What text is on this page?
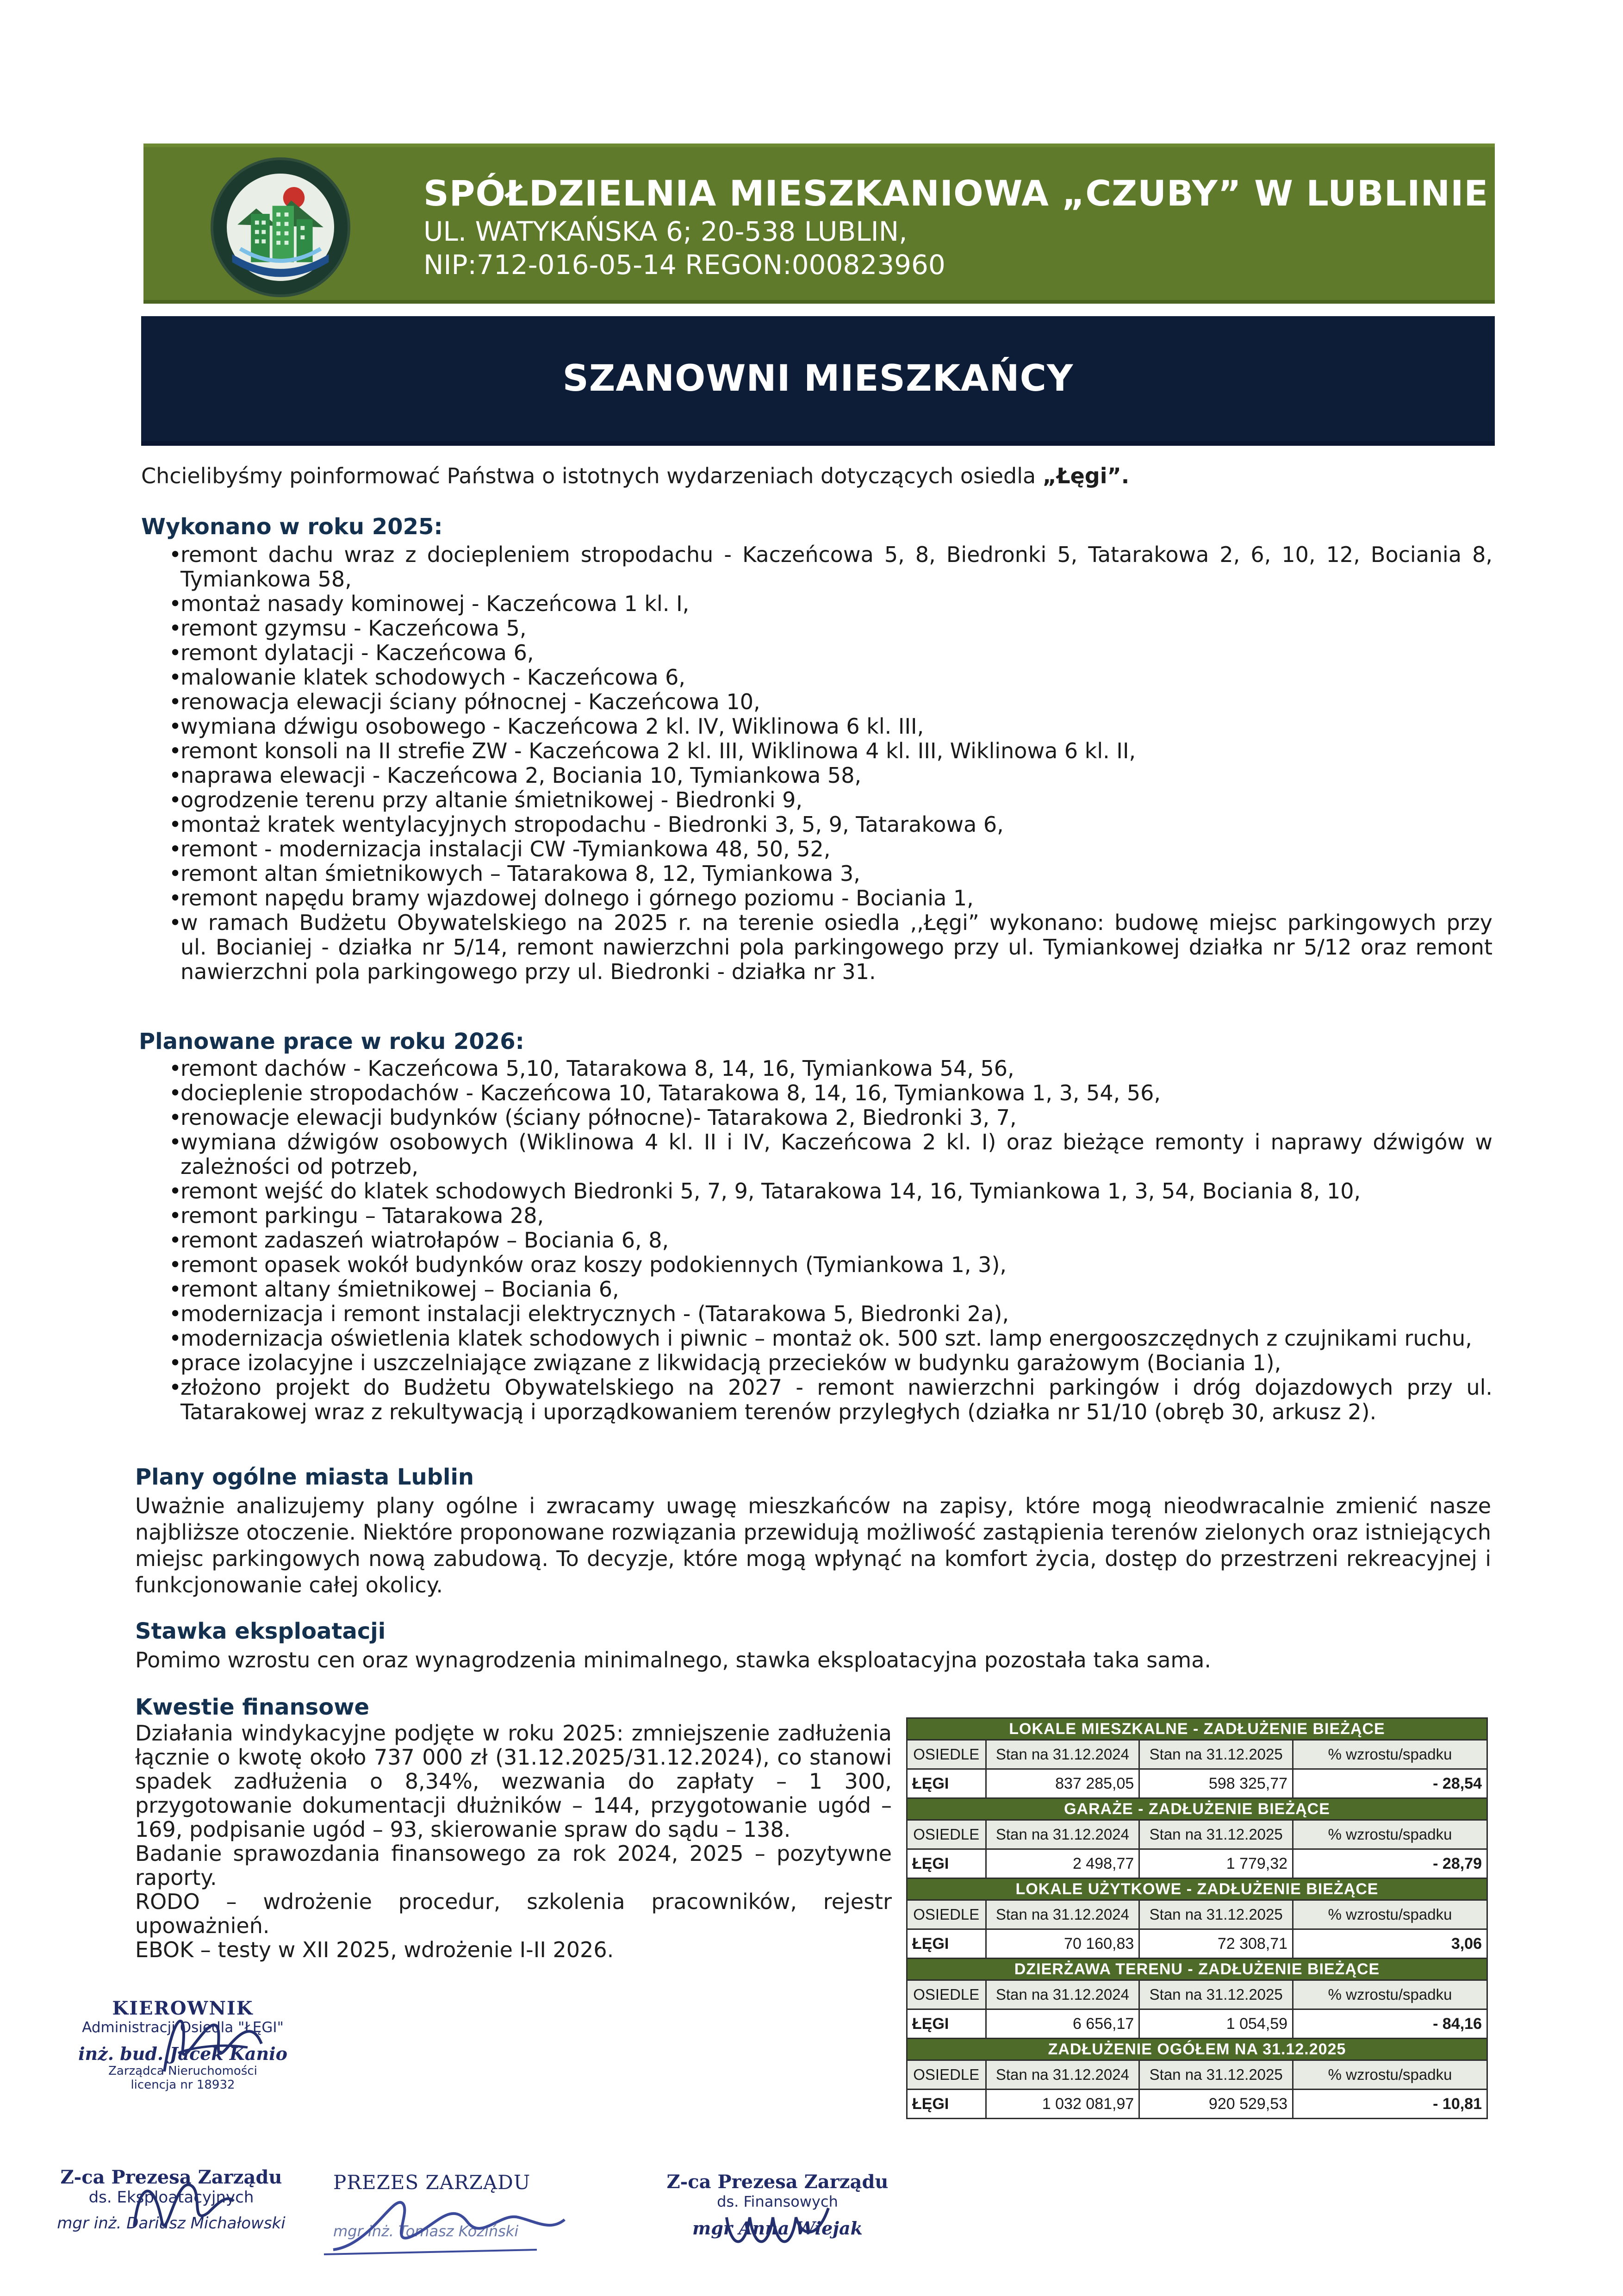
SPÓŁDZIELNIA MIESZKANIOWA „CZUBY” W LUBLINIE
UL. WATYKAŃSKA 6; 20-538 LUBLIN,
NIP:712-016-05-14 REGON:000823960
SZANOWNI MIESZKAŃCY
Chcielibyśmy poinformować Państwa o istotnych wydarzeniach dotyczących osiedla „Łęgi”.
Wykonano w roku 2025:
• remont dachu wraz z dociepleniem stropodachu - Kaczeńcowa 5, 8, Biedronki 5, Tatarakowa 2, 6, 10, 12, Bociania 8,
Tymiankowa 58,
• montaż nasady kominowej - Kaczeńcowa 1 kl. I,
• remont gzymsu - Kaczeńcowa 5,
• remont dylatacji - Kaczeńcowa 6,
• malowanie klatek schodowych - Kaczeńcowa 6,
• renowacja elewacji ściany północnej - Kaczeńcowa 10,
• wymiana dźwigu osobowego - Kaczeńcowa 2 kl. IV, Wiklinowa 6 kl. III,
• remont konsoli na II strefie ZW - Kaczeńcowa 2 kl. III, Wiklinowa 4 kl. III, Wiklinowa 6 kl. II,
• naprawa elewacji - Kaczeńcowa 2, Bociania 10, Tymiankowa 58,
• ogrodzenie terenu przy altanie śmietnikowej - Biedronki 9,
• montaż kratek wentylacyjnych stropodachu - Biedronki 3, 5, 9, Tatarakowa 6,
• remont - modernizacja instalacji CW -Tymiankowa 48, 50, 52,
• remont altan śmietnikowych – Tatarakowa 8, 12, Tymiankowa 3,
• remont napędu bramy wjazdowej dolnego i górnego poziomu - Bociania 1,
• w ramach Budżetu Obywatelskiego na 2025 r. na terenie osiedla ,,Łęgi” wykonano: budowę miejsc parkingowych przy
ul. Bocianiej - działka nr 5/14, remont nawierzchni pola parkingowego przy ul. Tymiankowej działka nr 5/12 oraz remont
nawierzchni pola parkingowego przy ul. Biedronki - działka nr 31.
Planowane prace w roku 2026:
• remont dachów - Kaczeńcowa 5,10, Tatarakowa 8, 14, 16, Tymiankowa 54, 56,
• docieplenie stropodachów - Kaczeńcowa 10, Tatarakowa 8, 14, 16, Tymiankowa 1, 3, 54, 56,
• renowacje elewacji budynków (ściany północne)- Tatarakowa 2, Biedronki 3, 7,
• wymiana dźwigów osobowych (Wiklinowa 4 kl. II i IV, Kaczeńcowa 2 kl. I) oraz bieżące remonty i naprawy dźwigów w
zależności od potrzeb,
• remont wejść do klatek schodowych Biedronki 5, 7, 9, Tatarakowa 14, 16, Tymiankowa 1, 3, 54, Bociania 8, 10,
• remont parkingu – Tatarakowa 28,
• remont zadaszeń wiatrołapów – Bociania 6, 8,
• remont opasek wokół budynków oraz koszy podokiennych (Tymiankowa 1, 3),
• remont altany śmietnikowej – Bociania 6,
• modernizacja i remont instalacji elektrycznych - (Tatarakowa 5, Biedronki 2a),
• modernizacja oświetlenia klatek schodowych i piwnic – montaż ok. 500 szt. lamp energooszczędnych z czujnikami ruchu,
• prace izolacyjne i uszczelniające związane z likwidacją przecieków w budynku garażowym (Bociania 1),
• złożono projekt do Budżetu Obywatelskiego na 2027 - remont nawierzchni parkingów i dróg dojazdowych przy ul.
Tatarakowej wraz z rekultywacją i uporządkowaniem terenów przyległych (działka nr 51/10 (obręb 30, arkusz 2).
Plany ogólne miasta Lublin
Uważnie analizujemy plany ogólne i zwracamy uwagę mieszkańców na zapisy, które mogą nieodwracalnie zmienić nasze
najbliższe otoczenie. Niektóre proponowane rozwiązania przewidują możliwość zastąpienia terenów zielonych oraz istniejących
miejsc parkingowych nową zabudową. To decyzje, które mogą wpłynąć na komfort życia, dostęp do przestrzeni rekreacyjnej i
funkcjonowanie całej okolicy.
Stawka eksploatacji
Pomimo wzrostu cen oraz wynagrodzenia minimalnego, stawka eksploatacyjna pozostała taka sama.
Kwestie finansowe
Działania windykacyjne podjęte w roku 2025: zmniejszenie zadłużenia
łącznie o kwotę około 737 000 zł (31.12.2025/31.12.2024), co stanowi
spadek zadłużenia o 8,34%, wezwania do zapłaty – 1 300,
przygotowanie dokumentacji dłużników – 144, przygotowanie ugód –
169, podpisanie ugód – 93, skierowanie spraw do sądu – 138.
Badanie sprawozdania finansowego za rok 2024, 2025 – pozytywne
raporty.
RODO – wdrożenie procedur, szkolenia pracowników, rejestr
upoważnień.
EBOK – testy w XII 2025, wdrożenie I-II 2026.
LOKALE MIESZKALNE - ZADŁUŻENIE BIEŻĄCE			
OSIEDLE	Stan na 31.12.2024	Stan na 31.12.2025	% wzrostu/spadku
ŁĘGI	837 285,05	598 325,77	- 28,54
GARAŻE - ZADŁUŻENIE BIEŻĄCE			
OSIEDLE	Stan na 31.12.2024	Stan na 31.12.2025	% wzrostu/spadku
ŁĘGI	2 498,77	1 779,32	- 28,79
LOKALE UŻYTKOWE - ZADŁUŻENIE BIEŻĄCE			
OSIEDLE	Stan na 31.12.2024	Stan na 31.12.2025	% wzrostu/spadku
ŁĘGI	70 160,83	72 308,71	3,06
DZIERŻAWA TERENU - ZADŁUŻENIE BIEŻĄCE			
OSIEDLE	Stan na 31.12.2024	Stan na 31.12.2025	% wzrostu/spadku
ŁĘGI	6 656,17	1 054,59	- 84,16
ZADŁUŻENIE OGÓŁEM NA 31.12.2025			
OSIEDLE	Stan na 31.12.2024	Stan na 31.12.2025	% wzrostu/spadku
ŁĘGI	1 032 081,97	920 529,53	- 10,81
KIEROWNIK
Administracji Osiedla "ŁĘGI"
inż. bud. Jacek Kanio
Zarządca Nieruchomości
licencja nr 18932
Z-ca Prezesa Zarządu
ds. Eksploatacyjnych
mgr inż. Dariusz Michałowski
PREZES ZARZĄDU
mgr inż. Tomasz Koziński
Z-ca Prezesa Zarządu
ds. Finansowych
mgr Anna Wiejak
